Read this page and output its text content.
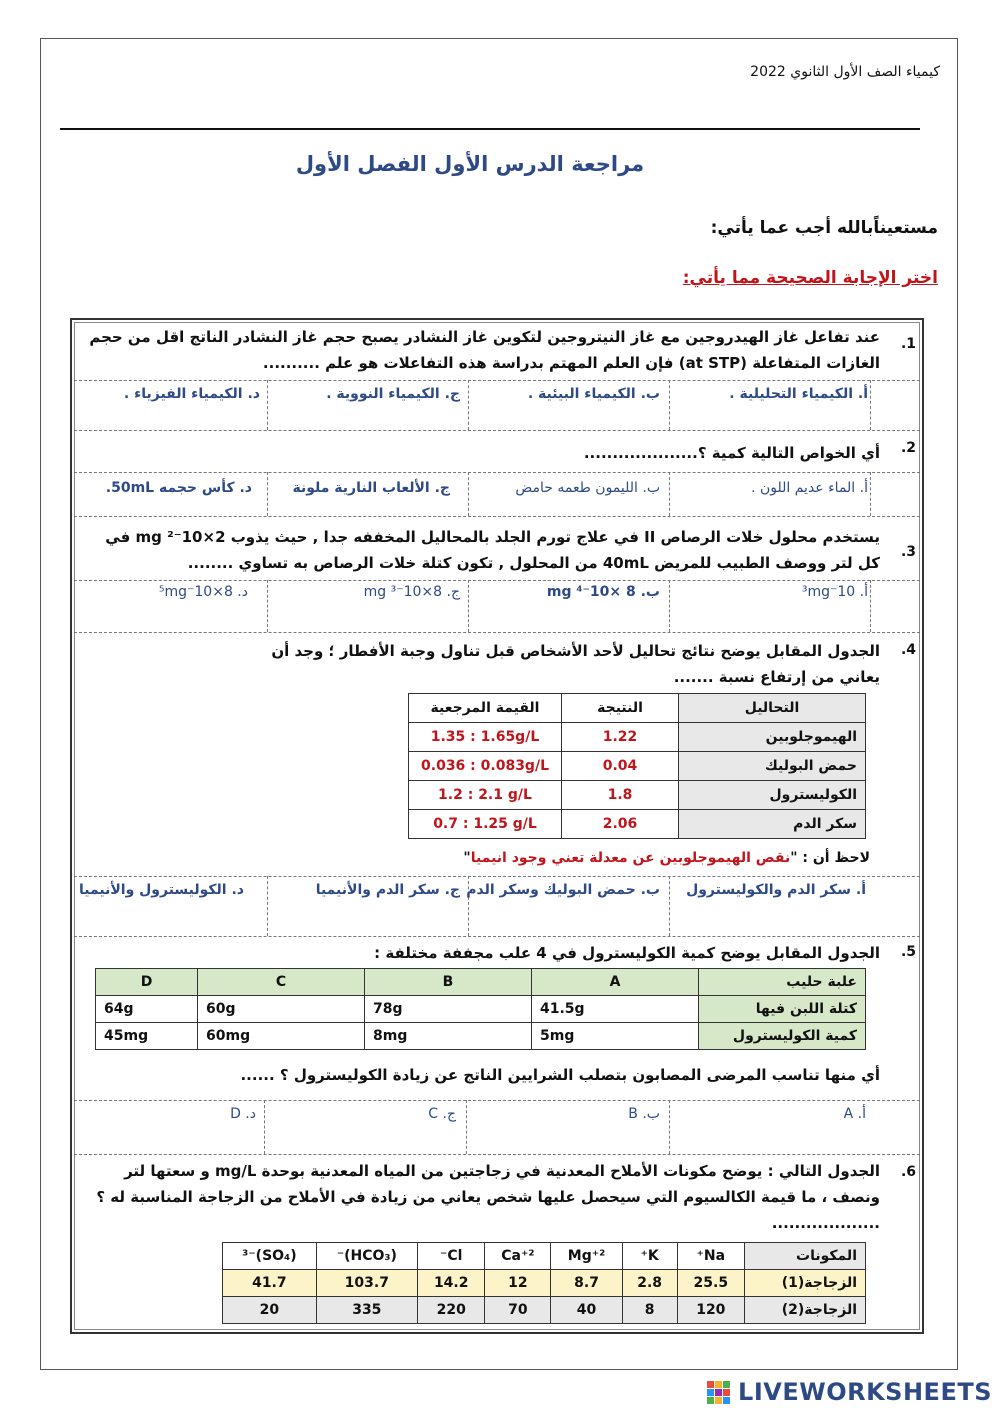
كيمياء الصف الأول الثانوي 2022
مراجعة الدرس الأول الفصل الأول
مستعيناًبالله أجب عما يأتي:
اختر الإجابة الصحيحة مما يأتي:
.1
عند تفاعل غاز الهيدروجين مع غاز النيتروجين لتكوين غاز النشادر يصبح حجم غاز النشادر الناتج اقل من حجم الغازات المتفاعلة (at STP) فإن العلم المهتم بدراسة هذه التفاعلات هو علم ..........
أ. الكيمياء التحليلية .
ب. الكيمياء البيئية .
ج. الكيمياء النووية .
د. الكيمياء الفيزياء .
.2
أي الخواص التالية كمية ؟....................
أ. الماء عديم اللون .
ب. الليمون طعمه حامض
ج. الألعاب النارية ملونة
د. كأس حجمه 50mL.
.3
يستخدم محلول خلات الرصاص II في علاج تورم الجلد بالمحاليل المخففه جدا , حيث يذوب 2×10⁻² mg في كل لتر ووصف الطبيب للمريض 40mL من المحلول , تكون كتلة خلات الرصاص به تساوي ........
أ. 10⁻³mg
ب. 8 ×10⁻⁴ mg
ج. 8×10⁻³ mg
د. 8×10⁻⁵mg
.4
الجدول المقابل يوضح نتائج تحاليل لأحد الأشخاص قبل تناول وجبة الأفطار ؛ وجد أن يعاني من إرتفاع نسبة .......
التحاليل	النتيجة	القيمة المرجعية
الهيموجلوبين	1.22	1.35 : 1.65g/L
حمض البوليك	0.04	0.036 : 0.083g/L
الكوليسترول	1.8	1.2 : 2.1 g/L
سكر الدم	2.06	0.7 : 1.25 g/L
لاحظ أن : "نقص الهيموجلوبين عن معدلة تعني وجود انيميا"
أ. سكر الدم والكوليسترول
ب. حمض البوليك وسكر الدم
ج. سكر الدم والأنيميا
د. الكوليسترول والأنيميا
.5
الجدول المقابل يوضح كمية الكوليسترول في 4 علب مجففة مختلفة :
علبة حليب	A	B	C	D
كتلة اللبن فيها	41.5g	78g	60g	64g
كمية الكوليسترول	5mg	8mg	60mg	45mg
أي منها تناسب المرضى المصابون بتصلب الشرايين الناتج عن زيادة الكوليسترول ؟ ......
أ. A
ب. B
ج. C
د. D
.6
الجدول التالي : يوضح مكونات الأملاح المعدنية في زجاجتين من المياه المعدنية بوحدة mg/L و سعتها لتر ونصف ، ما قيمة الكالسيوم التي سيحصل عليها شخص يعاني من زيادة في الأملاح من الزجاجة المناسبة له ؟ ...................
المكونات	Na⁺	K⁺	Mg⁺²	Ca⁺²	Cl⁻	(HCO₃)⁻	(SO₄)⁻³
الزجاجة(1)	25.5	2.8	8.7	12	14.2	103.7	41.7
الزجاجة(2)	120	8	40	70	220	335	20
LIVEWORKSHEETS
